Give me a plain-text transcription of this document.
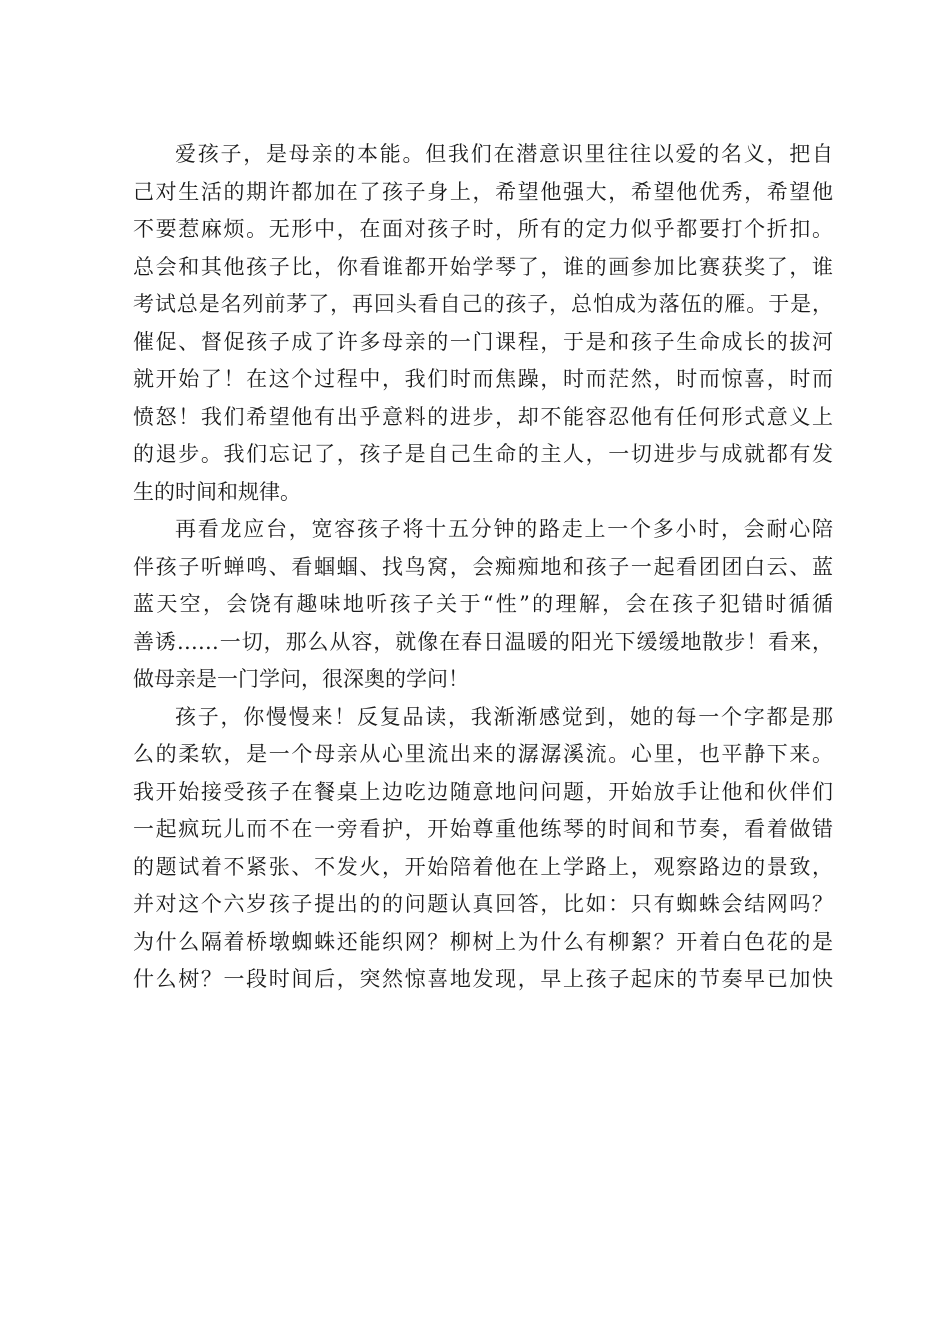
爱孩子，是母亲的本能。但我们在潜意识里往往以爱的名义，把自
己对生活的期许都加在了孩子身上，希望他强大，希望他优秀，希望他
不要惹麻烦。无形中，在面对孩子时，所有的定力似乎都要打个折扣。
总会和其他孩子比，你看谁都开始学琴了，谁的画参加比赛获奖了，谁
考试总是名列前茅了，再回头看自己的孩子，总怕成为落伍的雁。于是，
催促、督促孩子成了许多母亲的一门课程，于是和孩子生命成长的拔河
就开始了！在这个过程中，我们时而焦躁，时而茫然，时而惊喜，时而
愤怒！我们希望他有出乎意料的进步，却不能容忍他有任何形式意义上
的退步。我们忘记了，孩子是自己生命的主人，一切进步与成就都有发
生的时间和规律。
再看龙应台，宽容孩子将十五分钟的路走上一个多小时，会耐心陪
伴孩子听蝉鸣、看蝈蝈、找鸟窝，会痴痴地和孩子一起看团团白云、蓝
蓝天空，会饶有趣味地听孩子关于“性”的理解，会在孩子犯错时循循
善诱……一切，那么从容，就像在春日温暖的阳光下缓缓地散步！看来，
做母亲是一门学问，很深奥的学问！
孩子，你慢慢来！反复品读，我渐渐感觉到，她的每一个字都是那
么的柔软，是一个母亲从心里流出来的潺潺溪流。心里，也平静下来。
我开始接受孩子在餐桌上边吃边随意地问问题，开始放手让他和伙伴们
一起疯玩儿而不在一旁看护，开始尊重他练琴的时间和节奏，看着做错
的题试着不紧张、不发火，开始陪着他在上学路上，观察路边的景致，
并对这个六岁孩子提出的的问题认真回答，比如：只有蜘蛛会结网吗？
为什么隔着桥墩蜘蛛还能织网？柳树上为什么有柳絮？开着白色花的是
什么树？一段时间后，突然惊喜地发现，早上孩子起床的节奏早已加快
